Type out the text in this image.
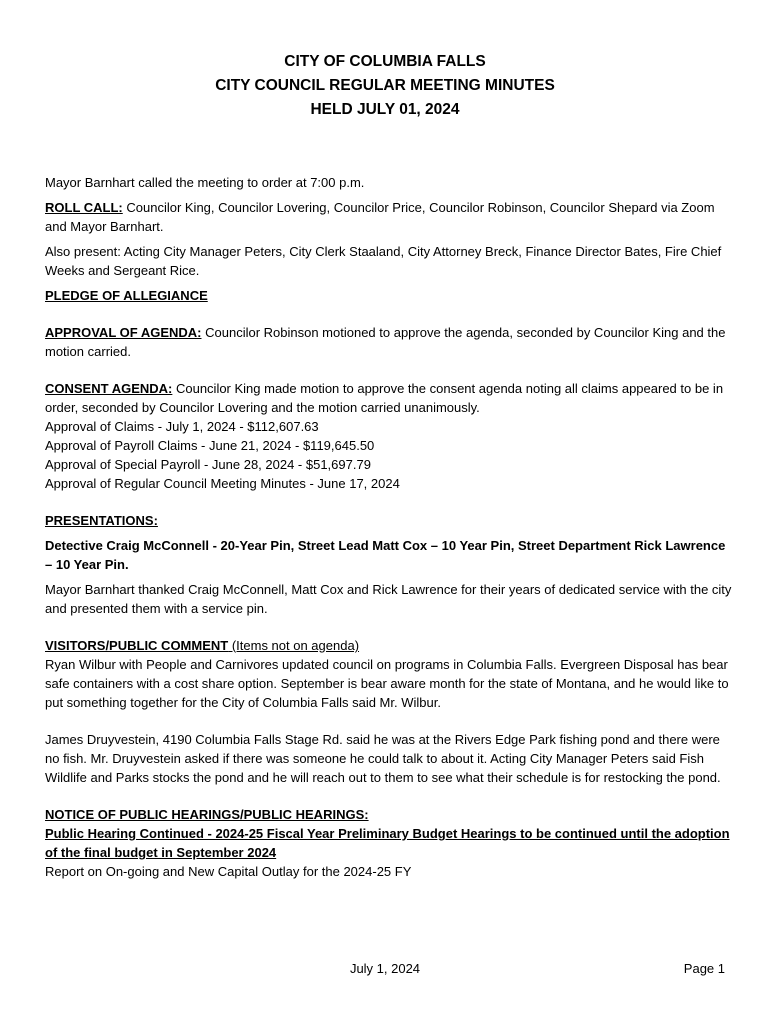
CITY OF COLUMBIA FALLS
CITY COUNCIL REGULAR MEETING MINUTES
HELD JULY 01, 2024

Mayor Barnhart called the meeting to order at 7:00 p.m.

ROLL CALL: Councilor King, Councilor Lovering, Councilor Price, Councilor Robinson, Councilor Shepard via Zoom and Mayor Barnhart.

Also present: Acting City Manager Peters, City Clerk Staaland, City Attorney Breck, Finance Director Bates, Fire Chief Weeks and Sergeant Rice.

PLEDGE OF ALLEGIANCE

APPROVAL OF AGENDA: Councilor Robinson motioned to approve the agenda, seconded by Councilor King and the motion carried.

CONSENT AGENDA: Councilor King made motion to approve the consent agenda noting all claims appeared to be in order, seconded by Councilor Lovering and the motion carried unanimously.

Approval of Claims - July 1, 2024 - $112,607.63

Approval of Payroll Claims - June 21, 2024 - $119,645.50

Approval of Special Payroll - June 28, 2024 - $51,697.79

Approval of Regular Council Meeting Minutes - June 17, 2024

PRESENTATIONS:

Detective Craig McConnell - 20-Year Pin, Street Lead Matt Cox – 10 Year Pin, Street Department Rick Lawrence – 10 Year Pin.

Mayor Barnhart thanked Craig McConnell, Matt Cox and Rick Lawrence for their years of dedicated service with the city and presented them with a service pin.

VISITORS/PUBLIC COMMENT (Items not on agenda)

Ryan Wilbur with People and Carnivores updated council on programs in Columbia Falls. Evergreen Disposal has bear safe containers with a cost share option. September is bear aware month for the state of Montana, and he would like to put something together for the City of Columbia Falls said Mr. Wilbur.

James Druyvestein, 4190 Columbia Falls Stage Rd. said he was at the Rivers Edge Park fishing pond and there were no fish. Mr. Druyvestein asked if there was someone he could talk to about it. Acting City Manager Peters said Fish Wildlife and Parks stocks the pond and he will reach out to them to see what their schedule is for restocking the pond.

NOTICE OF PUBLIC HEARINGS/PUBLIC HEARINGS:

Public Hearing Continued - 2024-25 Fiscal Year Preliminary Budget Hearings to be continued until the adoption of the final budget in September 2024

Report on On-going and New Capital Outlay for the 2024-25 FY

July 1, 2024	Page 1
